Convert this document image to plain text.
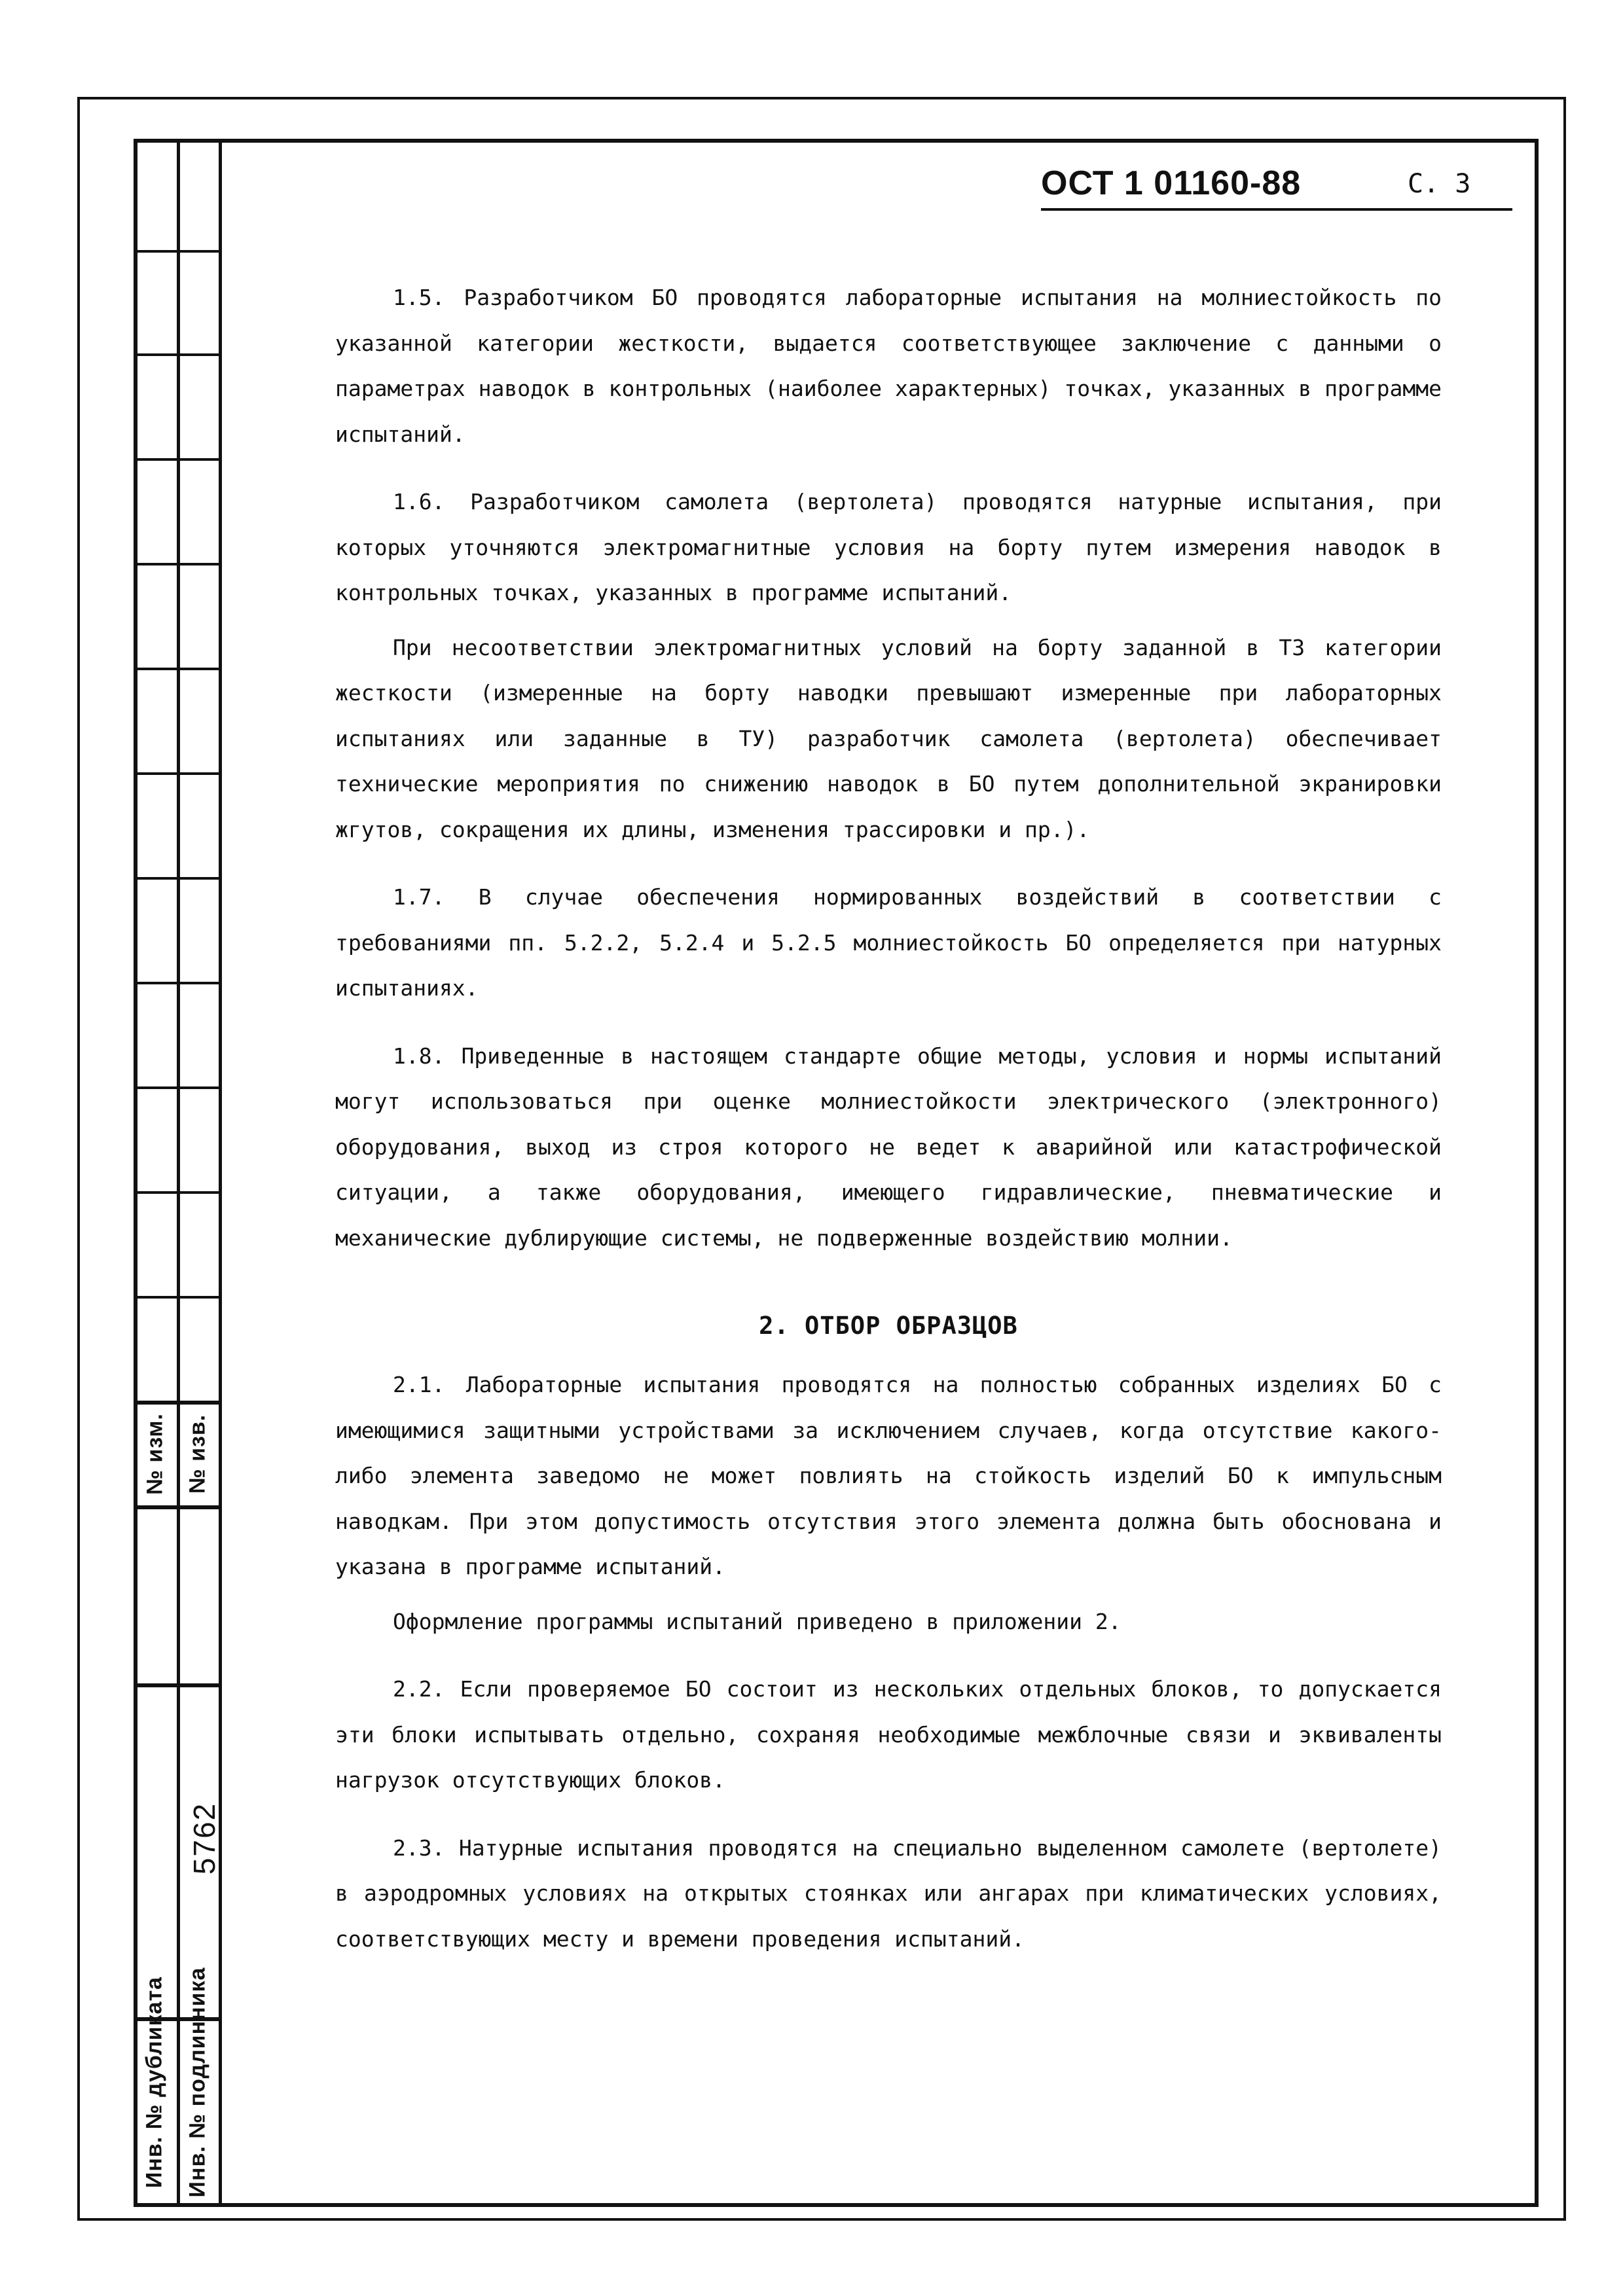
№ изм. № изв.
Инв. № дубликата Инв. № подлинника
5762
ОСТ 1 01160-88	С. 3

1.5. Разработчиком БО проводятся лабораторные испытания на молниестойкость по указанной категории жесткости, выдается соответствующее заключение с данными о параметрах наводок в контрольных (наиболее характерных) точках, указанных в программе испытаний.

1.6. Разработчиком самолета (вертолета) проводятся натурные испытания, при которых уточняются электромагнитные условия на борту путем измерения наводок в контрольных точках, указанных в программе испытаний.

При несоответствии электромагнитных условий на борту заданной в ТЗ категории жесткости (измеренные на борту наводки превышают измеренные при лабораторных испытаниях или заданные в ТУ) разработчик самолета (вертолета) обеспечивает технические мероприятия по снижению наводок в БО путем дополнительной экранировки жгутов, сокращения их длины, изменения трассировки и пр.).

1.7. В случае обеспечения нормированных воздействий в соответствии с требованиями пп. 5.2.2, 5.2.4 и 5.2.5 молниестойкость БО определяется при натурных испытаниях.

1.8. Приведенные в настоящем стандарте общие методы, условия и нормы испытаний могут использоваться при оценке молниестойкости электрического (электронного) оборудования, выход из строя которого не ведет к аварийной или катастрофической ситуации, а также оборудования, имеющего гидравлические, пневматические и механические дублирующие системы, не подверженные воздействию молнии.

2. ОТБОР ОБРАЗЦОВ

2.1. Лабораторные испытания проводятся на полностью собранных изделиях БО с имеющимися защитными устройствами за исключением случаев, когда отсутствие какого-либо элемента заведомо не может повлиять на стойкость изделий БО к импульсным наводкам. При этом допустимость отсутствия этого элемента должна быть обоснована и указана в программе испытаний.

Оформление программы испытаний приведено в приложении 2.

2.2. Если проверяемое БО состоит из нескольких отдельных блоков, то допускается эти блоки испытывать отдельно, сохраняя необходимые межблочные связи и эквиваленты нагрузок отсутствующих блоков.

2.3. Натурные испытания проводятся на специально выделенном самолете (вертолете) в аэродромных условиях на открытых стоянках или ангарах при климатических условиях, соответствующих месту и времени проведения испытаний.
